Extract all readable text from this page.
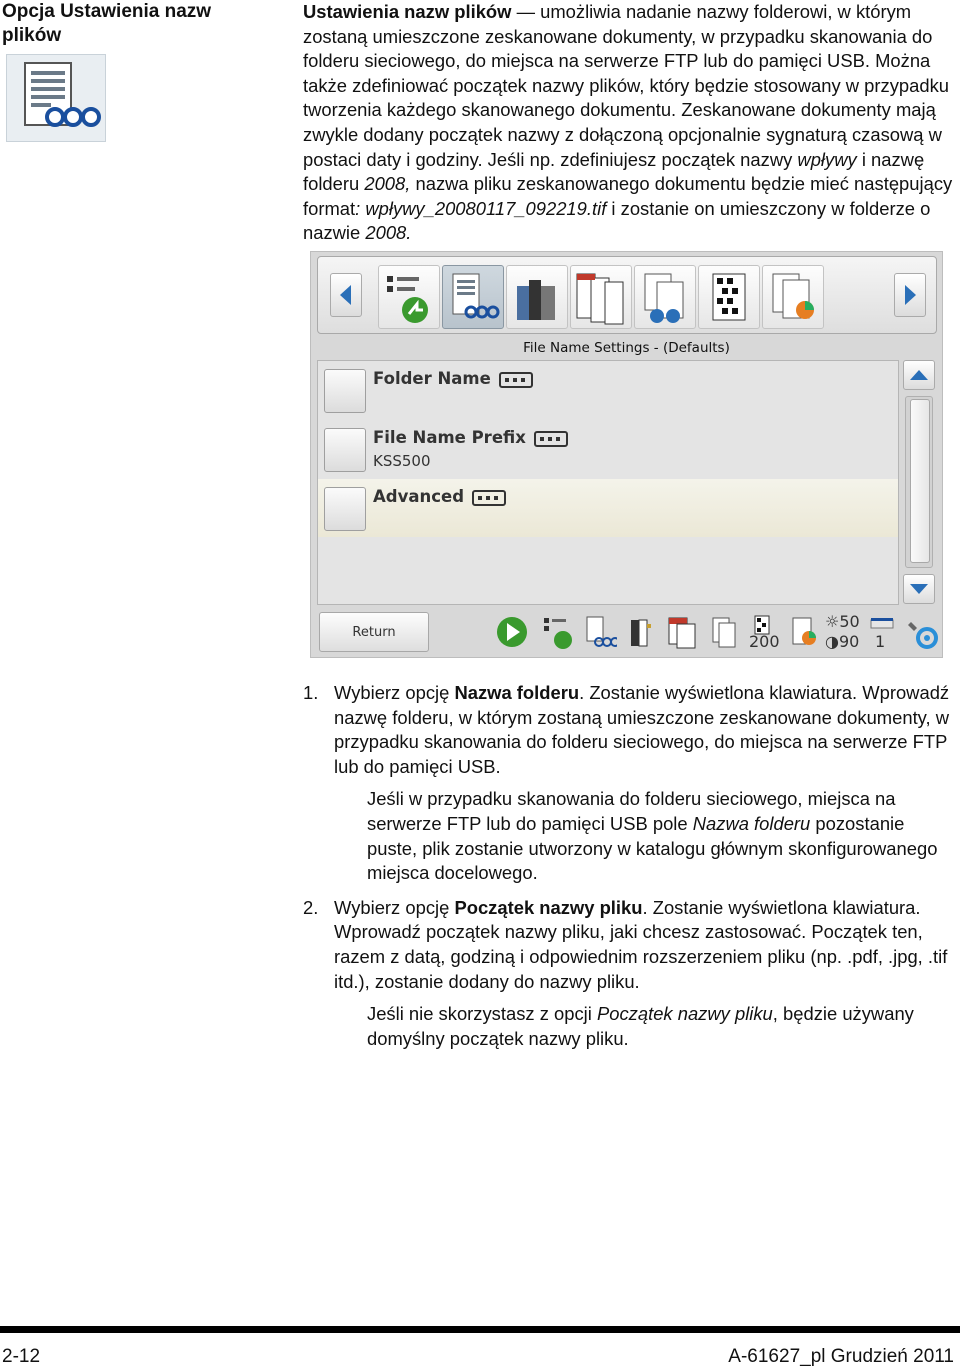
Opcja Ustawienia nazw plików
Ustawienia nazw plików — umożliwia nadanie nazwy folderowi, w którym zostaną umieszczone zeskanowane dokumenty, w przypadku skanowania do folderu sieciowego, do miejsca na serwerze FTP lub do pamięci USB. Można także zdefiniować początek nazwy plików, który będzie stosowany w przypadku tworzenia każdego skanowanego dokumentu. Zeskanowane dokumenty mają zwykle dodany początek nazwy z dołączoną opcjonalnie sygnaturą czasową w postaci daty i godziny. Jeśli np. zdefiniujesz początek nazwy wpływy i nazwę folderu 2008, nazwa pliku zeskanowanego dokumentu będzie mieć następujący format: wpływy_20080117_092219.tif i zostanie on umieszczony w folderze o nazwie 2008.
File Name Settings - (Defaults)
Folder Name
File Name Prefix
KSS500
Advanced
Return	200
☼50
◑90 1
1. Wybierz opcję Nazwa folderu. Zostanie wyświetlona klawiatura. Wprowadź nazwę folderu, w którym zostaną umieszczone zeskanowane dokumenty, w przypadku skanowania do folderu sieciowego, do miejsca na serwerze FTP lub do pamięci USB.
Jeśli w przypadku skanowania do folderu sieciowego, miejsca na serwerze FTP lub do pamięci USB pole Nazwa folderu pozostanie puste, plik zostanie utworzony w katalogu głównym skonfigurowanego miejsca docelowego.
2. Wybierz opcję Początek nazwy pliku. Zostanie wyświetlona klawiatura. Wprowadź początek nazwy pliku, jaki chcesz zastosować. Początek ten, razem z datą, godziną i odpowiednim rozszerzeniem pliku (np. .pdf, .jpg, .tif itd.), zostanie dodany do nazwy pliku.
Jeśli nie skorzystasz z opcji Początek nazwy pliku, będzie używany domyślny początek nazwy pliku.
2-12	A-61627_pl Grudzień 2011
